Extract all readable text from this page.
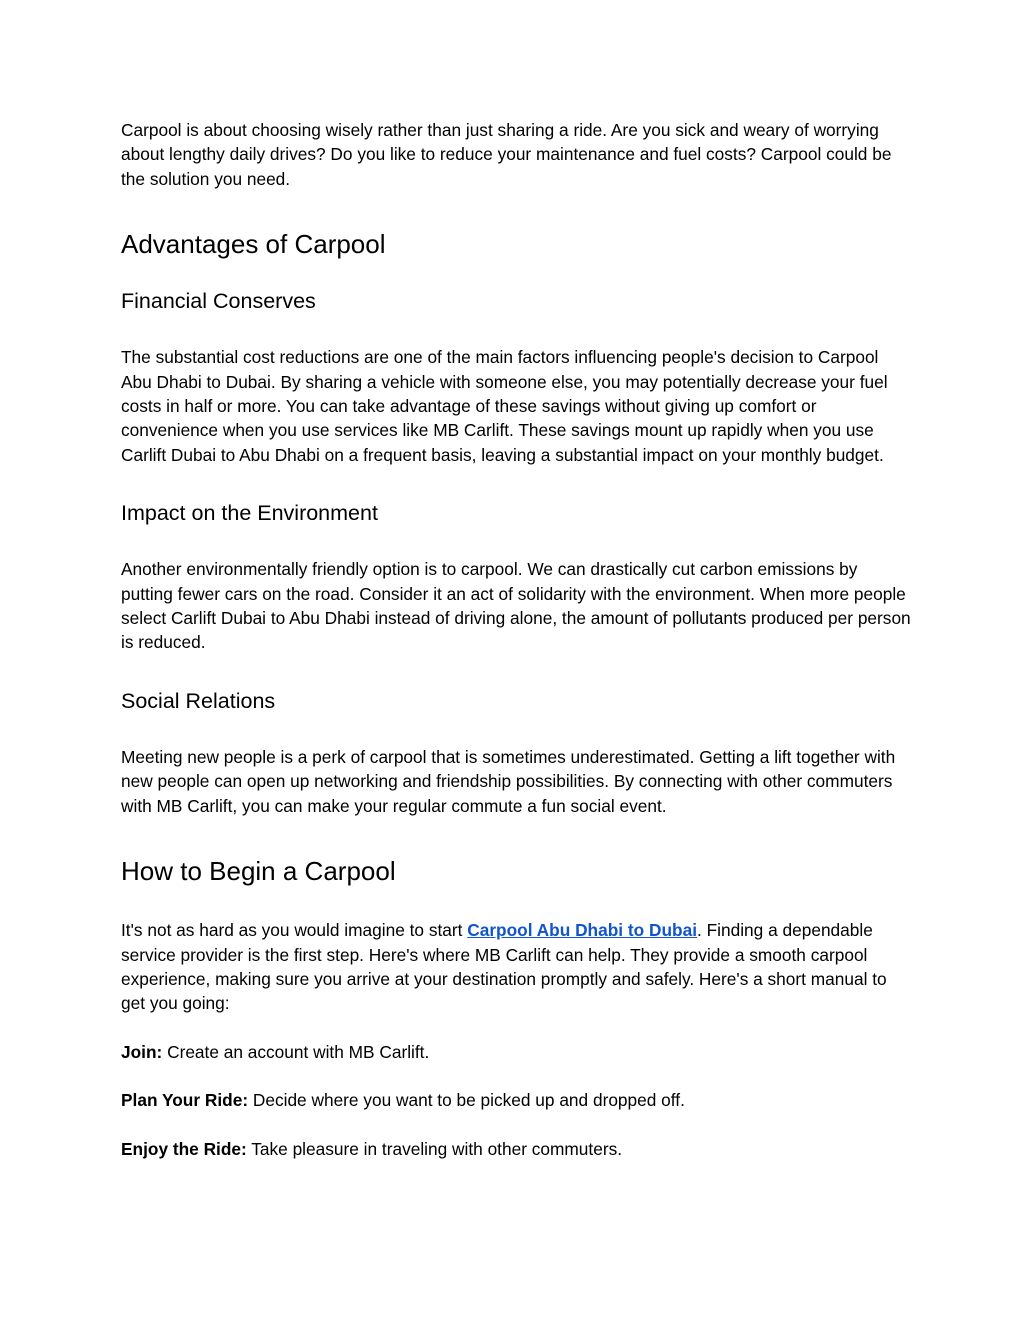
Carpool is about choosing wisely rather than just sharing a ride. Are you sick and weary of worrying about lengthy daily drives? Do you like to reduce your maintenance and fuel costs? Carpool could be the solution you need.

Advantages of Carpool
Financial Conserves

The substantial cost reductions are one of the main factors influencing people's decision to Carpool Abu Dhabi to Dubai. By sharing a vehicle with someone else, you may potentially decrease your fuel costs in half or more. You can take advantage of these savings without giving up comfort or convenience when you use services like MB Carlift. These savings mount up rapidly when you use Carlift Dubai to Abu Dhabi on a frequent basis, leaving a substantial impact on your monthly budget.

Impact on the Environment

Another environmentally friendly option is to carpool. We can drastically cut carbon emissions by putting fewer cars on the road. Consider it an act of solidarity with the environment. When more people select Carlift Dubai to Abu Dhabi instead of driving alone, the amount of pollutants produced per person is reduced.

Social Relations

Meeting new people is a perk of carpool that is sometimes underestimated. Getting a lift together with new people can open up networking and friendship possibilities. By connecting with other commuters with MB Carlift, you can make your regular commute a fun social event.

How to Begin a Carpool

It's not as hard as you would imagine to start Carpool Abu Dhabi to Dubai. Finding a dependable service provider is the first step. Here's where MB Carlift can help. They provide a smooth carpool experience, making sure you arrive at your destination promptly and safely. Here's a short manual to get you going:

Join: Create an account with MB Carlift.

Plan Your Ride: Decide where you want to be picked up and dropped off.

Enjoy the Ride: Take pleasure in traveling with other commuters.
